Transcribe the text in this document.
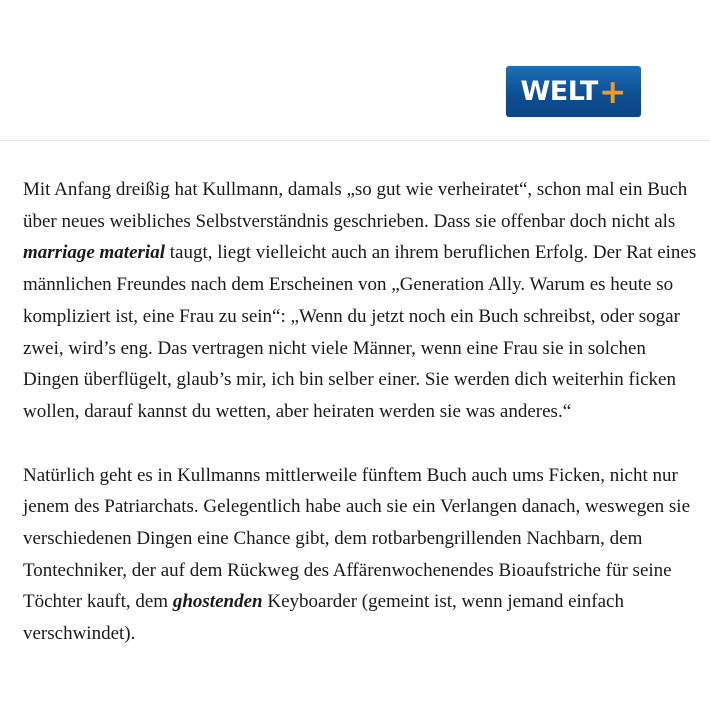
WELT +

Mit Anfang dreißig hat Kullmann, damals „so gut wie verheiratet“, schon mal ein Buch über neues weibliches Selbstverständnis geschrieben. Dass sie offenbar doch nicht als marriage material taugt, liegt vielleicht auch an ihrem beruflichen Erfolg. Der Rat eines männlichen Freundes nach dem Erscheinen von „Generation Ally. Warum es heute so kompliziert ist, eine Frau zu sein“: „Wenn du jetzt noch ein Buch schreibst, oder sogar zwei, wird’s eng. Das vertragen nicht viele Männer, wenn eine Frau sie in solchen Dingen überflügelt, glaub’s mir, ich bin selber einer. Sie werden dich weiterhin ficken wollen, darauf kannst du wetten, aber heiraten werden sie was anderes.“

Natürlich geht es in Kullmanns mittlerweile fünftem Buch auch ums Ficken, nicht nur jenem des Patriarchats. Gelegentlich habe auch sie ein Verlangen danach, weswegen sie verschiedenen Dingen eine Chance gibt, dem rotbarbengrillenden Nachbarn, dem Tontechniker, der auf dem Rückweg des Affärenwochenendes Bioaufstriche für seine Töchter kauft, dem ghostenden Keyboarder (gemeint ist, wenn jemand einfach verschwindet).
